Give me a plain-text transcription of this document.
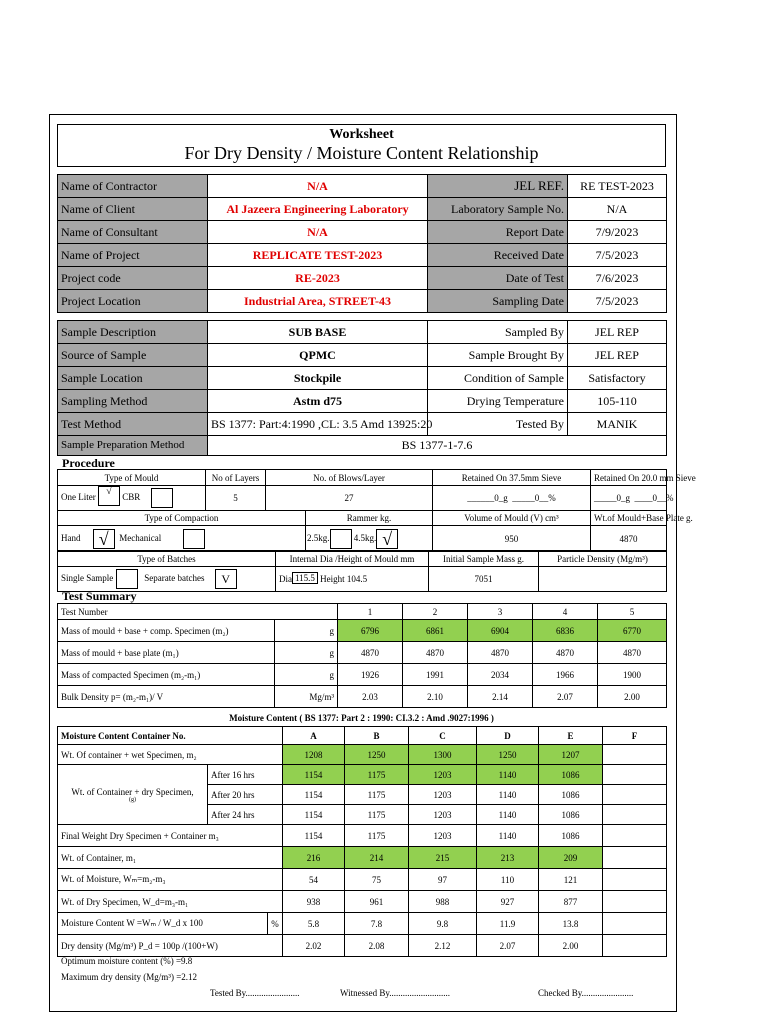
Worksheet
For Dry Density / Moisture Content Relationship
Name of Contractor	N/A	JEL REF.	RE TEST-2023
Name of Client	Al Jazeera Engineering Laboratory	Laboratory Sample No.	N/A
Name of Consultant	N/A	Report Date	7/9/2023
Name of Project	REPLICATE TEST-2023	Received Date	7/5/2023
Project code	RE-2023	Date of Test	7/6/2023
Project Location	Industrial Area, STREET-43	Sampling Date	7/5/2023
Sample Description	SUB BASE	Sampled By	JEL REP
Source of Sample	QPMC	Sample Brought By	JEL REP
Sample Location	Stockpile	Condition of Sample	Satisfactory
Sampling Method	Astm d75	Drying Temperature	105-110
Test Method	BS 1377: Part:4:1990 ,CL: 3.5 Amd 13925:20	Tested By	MANIK
Sample Preparation Method	BS 1377-1-7.6		
Procedure
Type of Mould	No of Layers	No. of Blows/Layer		Retained On 37.5mm Sieve	Retained On 20.0 mm Sieve
One Liter √ CBR	5	27		______0_g _____0__%	_____0_g ____0__%
Type of Compaction			Rammer kg.	Volume of Mould (V) cm³	Wt.of Mould+Base Plate g.
Hand √ Mechanical			2.5kg. 4.5kg. √	950	4870
Type of Batches	Internal Dia /Height of Mould mm	Initial Sample Mass g.	Particle Density (Mg/m³)
Single Sample Separate batches V	Dia 115.5 Height 104.5	7051	
Test Summary
Test Number		1	2	3	4	5	
Mass of mould + base + comp. Specimen (m₂)	g	6796	6861	6904	6836	6770	
Mass of mould + base plate (m₁)	g	4870	4870	4870	4870	4870	
Mass of compacted Specimen (m₂-m₁)	g	1926	1991	2034	1966	1900	
Bulk Density p= (m₂-m₁)/ V	Mg/m³	2.03	2.10	2.14	2.07	2.00	
Moisture Content ( BS 1377: Part 2 : 1990: CI.3.2 : Amd .9027:1996 )
Moisture Content Container No.			A	B	C	D	E	F
Wt. Of container + wet Specimen, m₂			1208	1250	1300	1250	1207	

Wt. of Container + dry Specimen,
(g)	After 16 hrs		1154	1175	1203	1140	1086	
	After 20 hrs		1154	1175	1203	1140	1086	
	After 24 hrs		1154	1175	1203	1140	1086	
Final Weight Dry Specimen + Container m₃			1154	1175	1203	1140	1086	
Wt. of Container, m₁			216	214	215	213	209	
Wt. of Moisture, Wₘ=m₂-m₃			54	75	97	110	121	
Wt. of Dry Specimen, W_d=m₃-m₁			938	961	988	927	877	
Moisture Content W =Wₘ / W_d x 100		%	5.8	7.8	9.8	11.9	13.8	
Dry density (Mg/m³) P_d = 100p /(100+W)			2.02	2.08	2.12	2.07	2.00	
Optimum moisture content (%) =9.8
Maximum dry density (Mg/m³) =2.12
Tested By........................	Witnessed By...........................	Checked By.......................
